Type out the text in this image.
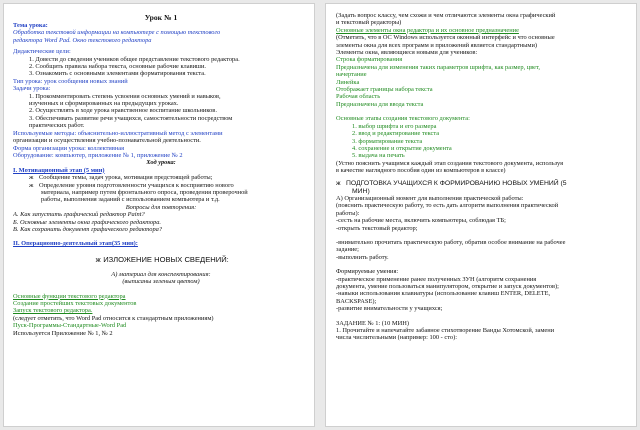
Урок № 1
Тема урока:
Обработка текстовой информации на компьютере с помощью текстового
редактора Word Pad. Окно текстового редактора
Дидактические цели:
1. Довести до сведения учеников общее представление текстового редактора.
2. Сообщить правила набора текста, основные рабочие клавиши.
3. Ознакомить с основными элементами форматирования текста.
Тип урока: урок сообщения новых знаний
Задачи урока:
1. Прокомментировать степень усвоения основных умений и навыков,
изученных и сформированных на предыдущих уроках.
2. Осуществлять в ходе урока нравственное воспитание школьников.
3. Обеспечивать развитие речи учащихся, самостоятельности посредством
практических работ.
Используемые методы: объяснительно-иллюстративный метод с элементами
организации и осуществления учебно-познавательной деятельности.
Форма организации урока: коллективная
Оборудование: компьютер, приложение № 1, приложение № 2
Ход урока:
I. Мотивационный этап (5 мин)
ж Сообщение темы, задач урока, мотивация предстоящей работы;
ж Определение уровня подготовленности учащихся к восприятию нового
материала, например путем фронтального опроса, проведения проверочной
работы, выполнения заданий с использованием компьютера и т.д.
Вопросы для повторения:
А. Как запустить графический редактор Paint?
Б. Основные элементы окна графического редактора.
В. Как сохранить документ графического редактора?
II. Операционно-деятельный этап(35 мин):
ж ИЗЛОЖЕНИЕ НОВЫХ СВЕДЕНИЙ:
А) материал для конспектирования:
(выписаны зеленым цветом)
Основные функции текстового редактора
Создание простейших текстовых документов
Запуск текстового редактора.
(следует отметить, что Word Pad относится к стандартным приложениям)
Пуск-Программы-Стандартные-Word Pad
Используется Приложение № 1, № 2
(Задать вопрос классу, чем схожи и чем отличаются элементы окна графический
и текстовый редакторы)
Основные элементы окна редактора и их основное предназначение
(Отметить, что в ОС Windows используется оконный интерфейс и что основные
элементы окна для всех программ и приложений является стандартными)
Элементы окна, являющиеся новыми для учеников:
Строка форматирования
Предназначена для изменения таких параметров шрифта, как размер, цвет,
начертание
Линейка
Отображает границы набора текста
Рабочая область
Предназначена для ввода текста
Основные этапы создания текстового документа:
1. выбор шрифта и его размера
2. ввод и редактирование текста
3. форматирование текста
4. сохранение и открытие документа
5. выдача на печать
(Устно пояснить учащимся каждый этап создания текстового документа, используя
в качестве наглядного пособия один из компьютеров в классе)
ж ПОДГОТОВКА УЧАЩИХСЯ К ФОРМИРОВАНИЮ НОВЫХ УМЕНИЙ (5
МИН)
А) Организационный момент для выполнения практической работы:
(пояснить практическую работу, то есть дать алгоритм выполнения практической
работы):
-сесть на рабочие места, включить компьютеры, соблюдая ТБ;
-открыть текстовый редактор;
-внимательно прочитать практическую работу, обратив особое внимание на рабочее
задание;
-выполнить работу.
Формируемые умения:
-практическое применение ранее полученных ЗУН (алгоритм сохранения
документа, умение пользоваться манипулятором, открытие и запуск документов);
-навыки использования клавиатуры (использование клавиш ENTER, DELETE,
BACKSPASE);
-развитие внимательности у учащихся;
ЗАДАНИЕ № 1: (10 МИН)
1. Прочитайте и напечатайте забавное стихотворение Ванды Хотомской, замени
числа числительными (например: 100 - сто):
